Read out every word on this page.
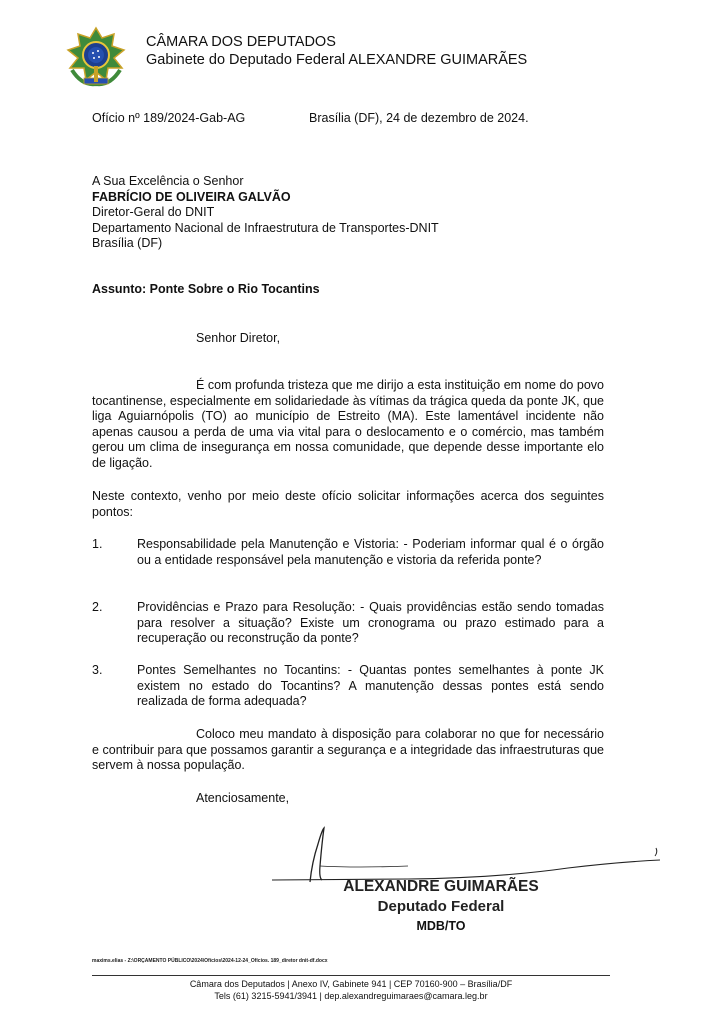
CÂMARA DOS DEPUTADOS
Gabinete do Deputado Federal ALEXANDRE GUIMARÃES
Ofício nº 189/2024-Gab-AG	Brasília (DF), 24 de dezembro de 2024.
A Sua Excelência o Senhor
FABRÍCIO DE OLIVEIRA GALVÃO
Diretor-Geral do DNIT
Departamento Nacional de Infraestrutura de Transportes-DNIT
Brasília (DF)
Assunto: Ponte Sobre o Rio Tocantins
Senhor Diretor,
É com profunda tristeza que me dirijo a esta instituição em nome do povo tocantinense, especialmente em solidariedade às vítimas da trágica queda da ponte JK, que liga Aguiarnópolis (TO) ao município de Estreito (MA). Este lamentável incidente não apenas causou a perda de uma via vital para o deslocamento e o comércio, mas também gerou um clima de insegurança em nossa comunidade, que depende desse importante elo de ligação.
Neste contexto, venho por meio deste ofício solicitar informações acerca dos seguintes pontos:
1.	Responsabilidade pela Manutenção e Vistoria: - Poderiam informar qual é o órgão ou a entidade responsável pela manutenção e vistoria da referida ponte?
2.	Providências e Prazo para Resolução: - Quais providências estão sendo tomadas para resolver a situação? Existe um cronograma ou prazo estimado para a recuperação ou reconstrução da ponte?
3.	Pontes Semelhantes no Tocantins: - Quantas pontes semelhantes à ponte JK existem no estado do Tocantins? A manutenção dessas pontes está sendo realizada de forma adequada?
Coloco meu mandato à disposição para colaborar no que for necessário e contribuir para que possamos garantir a segurança e a integridade das infraestruturas que servem à nossa população.
Atenciosamente,
ALEXANDRE GUIMARÃES
Deputado Federal
MDB/TO
maxims.elias - Z:\ORÇAMENTO PÚBLICO\2024\Ofícios\2024-12-24_Ofícios. 189_diretor dnit-df.docx
Câmara dos Deputados | Anexo IV, Gabinete 941 | CEP 70160-900 – Brasília/DF
Tels (61) 3215-5941/3941 | dep.alexandreguimaraes@camara.leg.br
